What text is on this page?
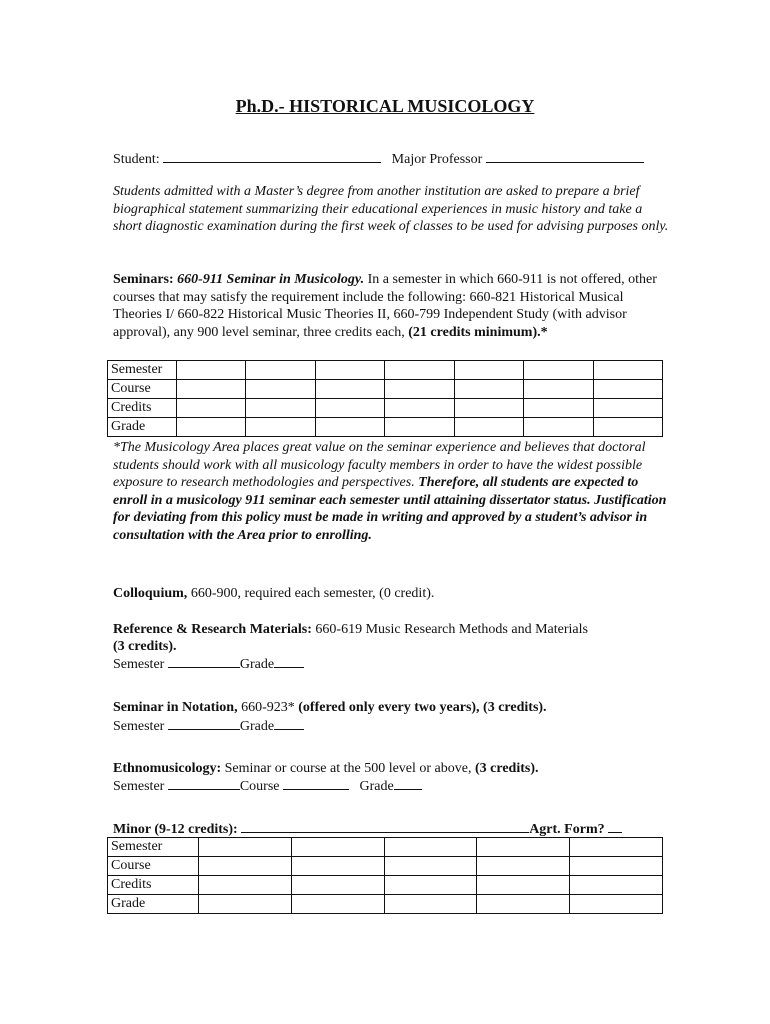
Ph.D.- HISTORICAL MUSICOLOGY
Student:	Major Professor
Students admitted with a Master’s degree from another institution are asked to prepare a brief biographical statement summarizing their educational experiences in music history and take a short diagnostic examination during the first week of classes to be used for advising purposes only.
Seminars: 660-911 Seminar in Musicology. In a semester in which 660-911 is not offered, other courses that may satisfy the requirement include the following: 660-821 Historical Musical Theories I/ 660-822 Historical Music Theories II, 660-799 Independent Study (with advisor approval), any 900 level seminar, three credits each, (21 credits minimum).*
Semester							
Course							
Credits							
Grade							
*The Musicology Area places great value on the seminar experience and believes that doctoral students should work with all musicology faculty members in order to have the widest possible exposure to research methodologies and perspectives. Therefore, all students are expected to enroll in a musicology 911 seminar each semester until attaining dissertator status. Justification for deviating from this policy must be made in writing and approved by a student’s advisor in consultation with the Area prior to enrolling.
Colloquium, 660-900, required each semester, (0 credit).
Reference & Research Materials: 660-619 Music Research Methods and Materials
(3 credits).
Semester	Grade
Seminar in Notation, 660-923* (offered only every two years), (3 credits).
Semester	Grade
Ethnomusicology: Seminar or course at the 500 level or above, (3 credits).
Semester	Course	Grade
Minor (9-12 credits):	Agrt. Form?
Semester					
Course					
Credits					
Grade					
